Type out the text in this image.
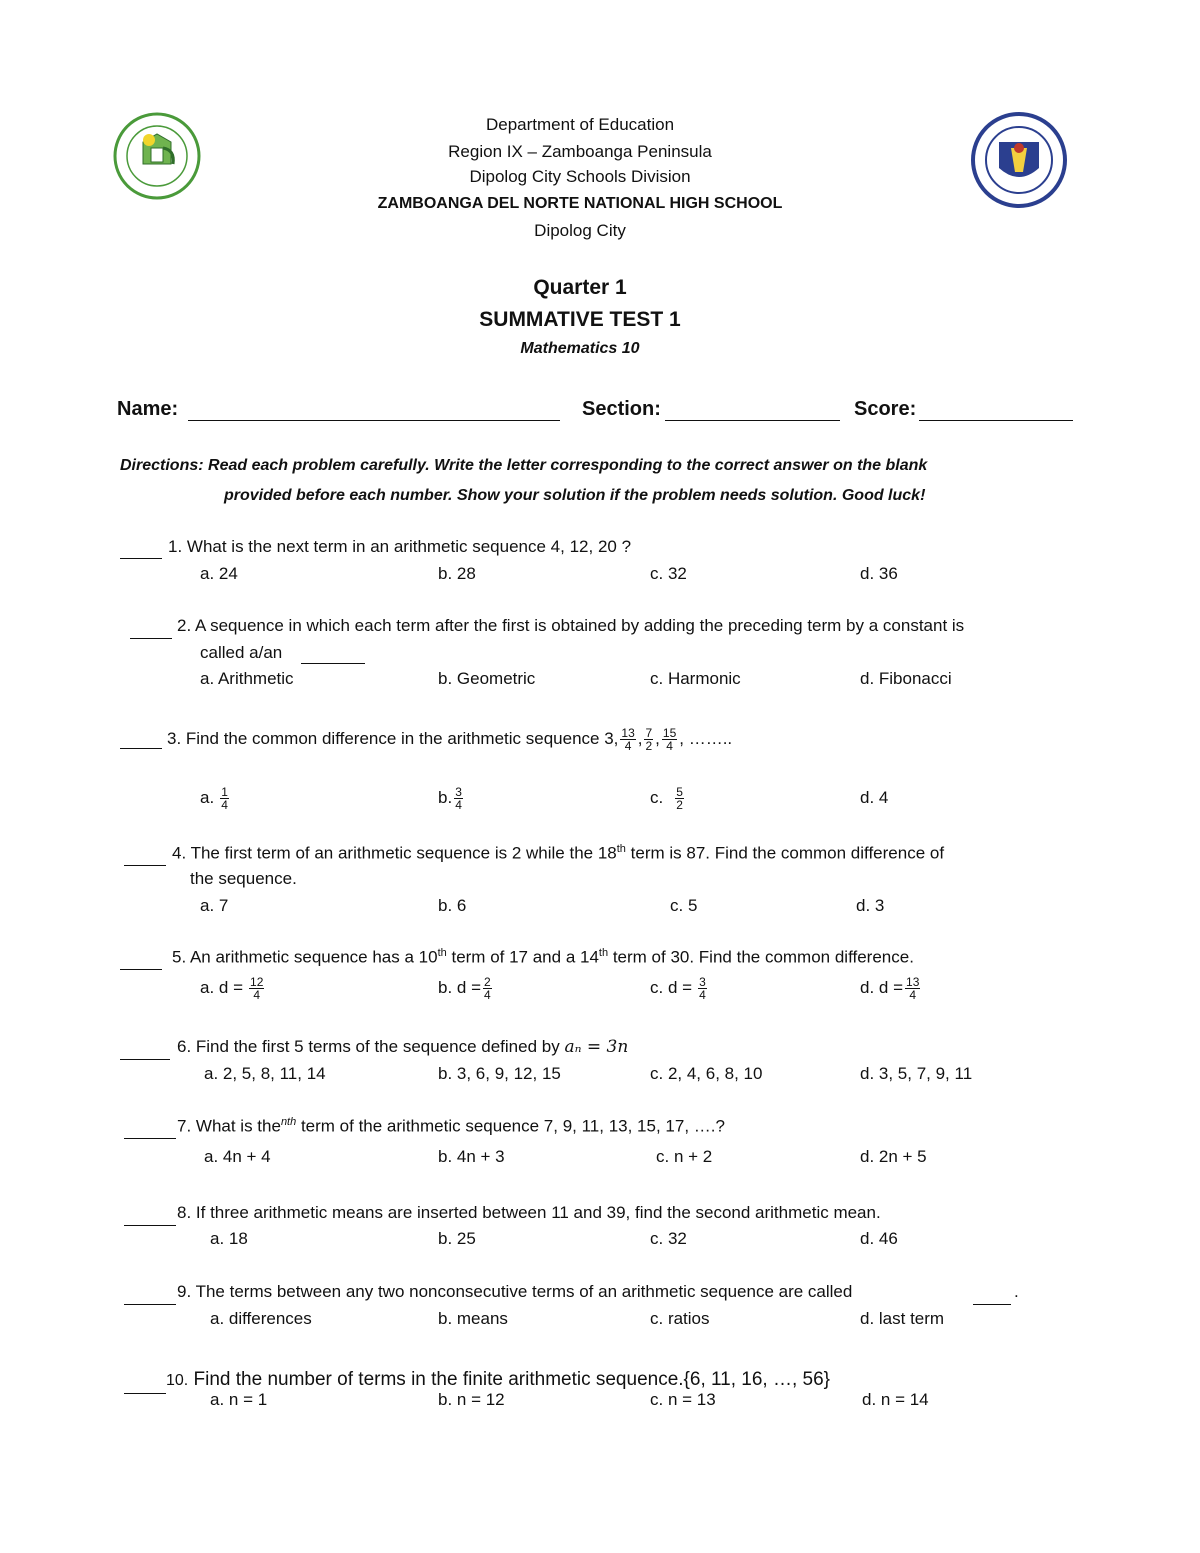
Department of Education
Region IX – Zamboanga Peninsula
Dipolog City Schools Division
ZAMBOANGA DEL NORTE NATIONAL HIGH SCHOOL
Dipolog City
Quarter 1
SUMMATIVE TEST 1
Mathematics 10
Name:	Section:	Score:
Directions: Read each problem carefully. Write the letter corresponding to the correct answer on the blank
provided before each number. Show your solution if the problem needs solution. Good luck!
1. What is the next term in an arithmetic sequence 4, 12, 20 ?
a. 24	b. 28	c. 32	d. 36
2. A sequence in which each term after the first is obtained by adding the preceding term by a constant is
called a/an
a. Arithmetic	b. Geometric	c. Harmonic	d. Fibonacci
3. Find the common difference in the arithmetic sequence 3, $\frac{13}{4}$ , $\frac{7}{2}$ , $\frac{15}{4}$ , ……..
a. $\frac{1}{4}$	b. $\frac{3}{4}$	c. $\frac{5}{2}$	d. 4
4. The first term of an arithmetic sequence is 2 while the 18th term is 87. Find the common difference of
the sequence.
a. 7	b. 6	c. 5	d. 3
5. An arithmetic sequence has a 10th term of 17 and a 14th term of 30. Find the common difference.
a. $d = \frac{12}{4}$	b. $d = \frac{2}{4}$	c. $d = \frac{3}{4}$	d. $d = \frac{13}{4}$
6. Find the first 5 terms of the sequence defined by aₙ = 3n
a. 2, 5, 8, 11, 14	b. 3, 6, 9, 12, 15	c. 2, 4, 6, 8, 10	d. 3, 5, 7, 9, 11
7. What is the$^{nth}$ term of the arithmetic sequence 7, 9, 11, 13, 15, 17, ….?
a. 4n + 4	b. 4n + 3	c. n + 2	d. 2n + 5
8. If three arithmetic means are inserted between 11 and 39, find the second arithmetic mean.
a. 18	b. 25	c. 32	d. 46
9. The terms between any two nonconsecutive terms of an arithmetic sequence are called	.
a. differences	b. means	c. ratios	d. last term
10. Find the number of terms in the finite arithmetic sequence.{6, 11, 16, …, 56}
a. n = 1	b. n = 12	c. n = 13	d. n = 14
